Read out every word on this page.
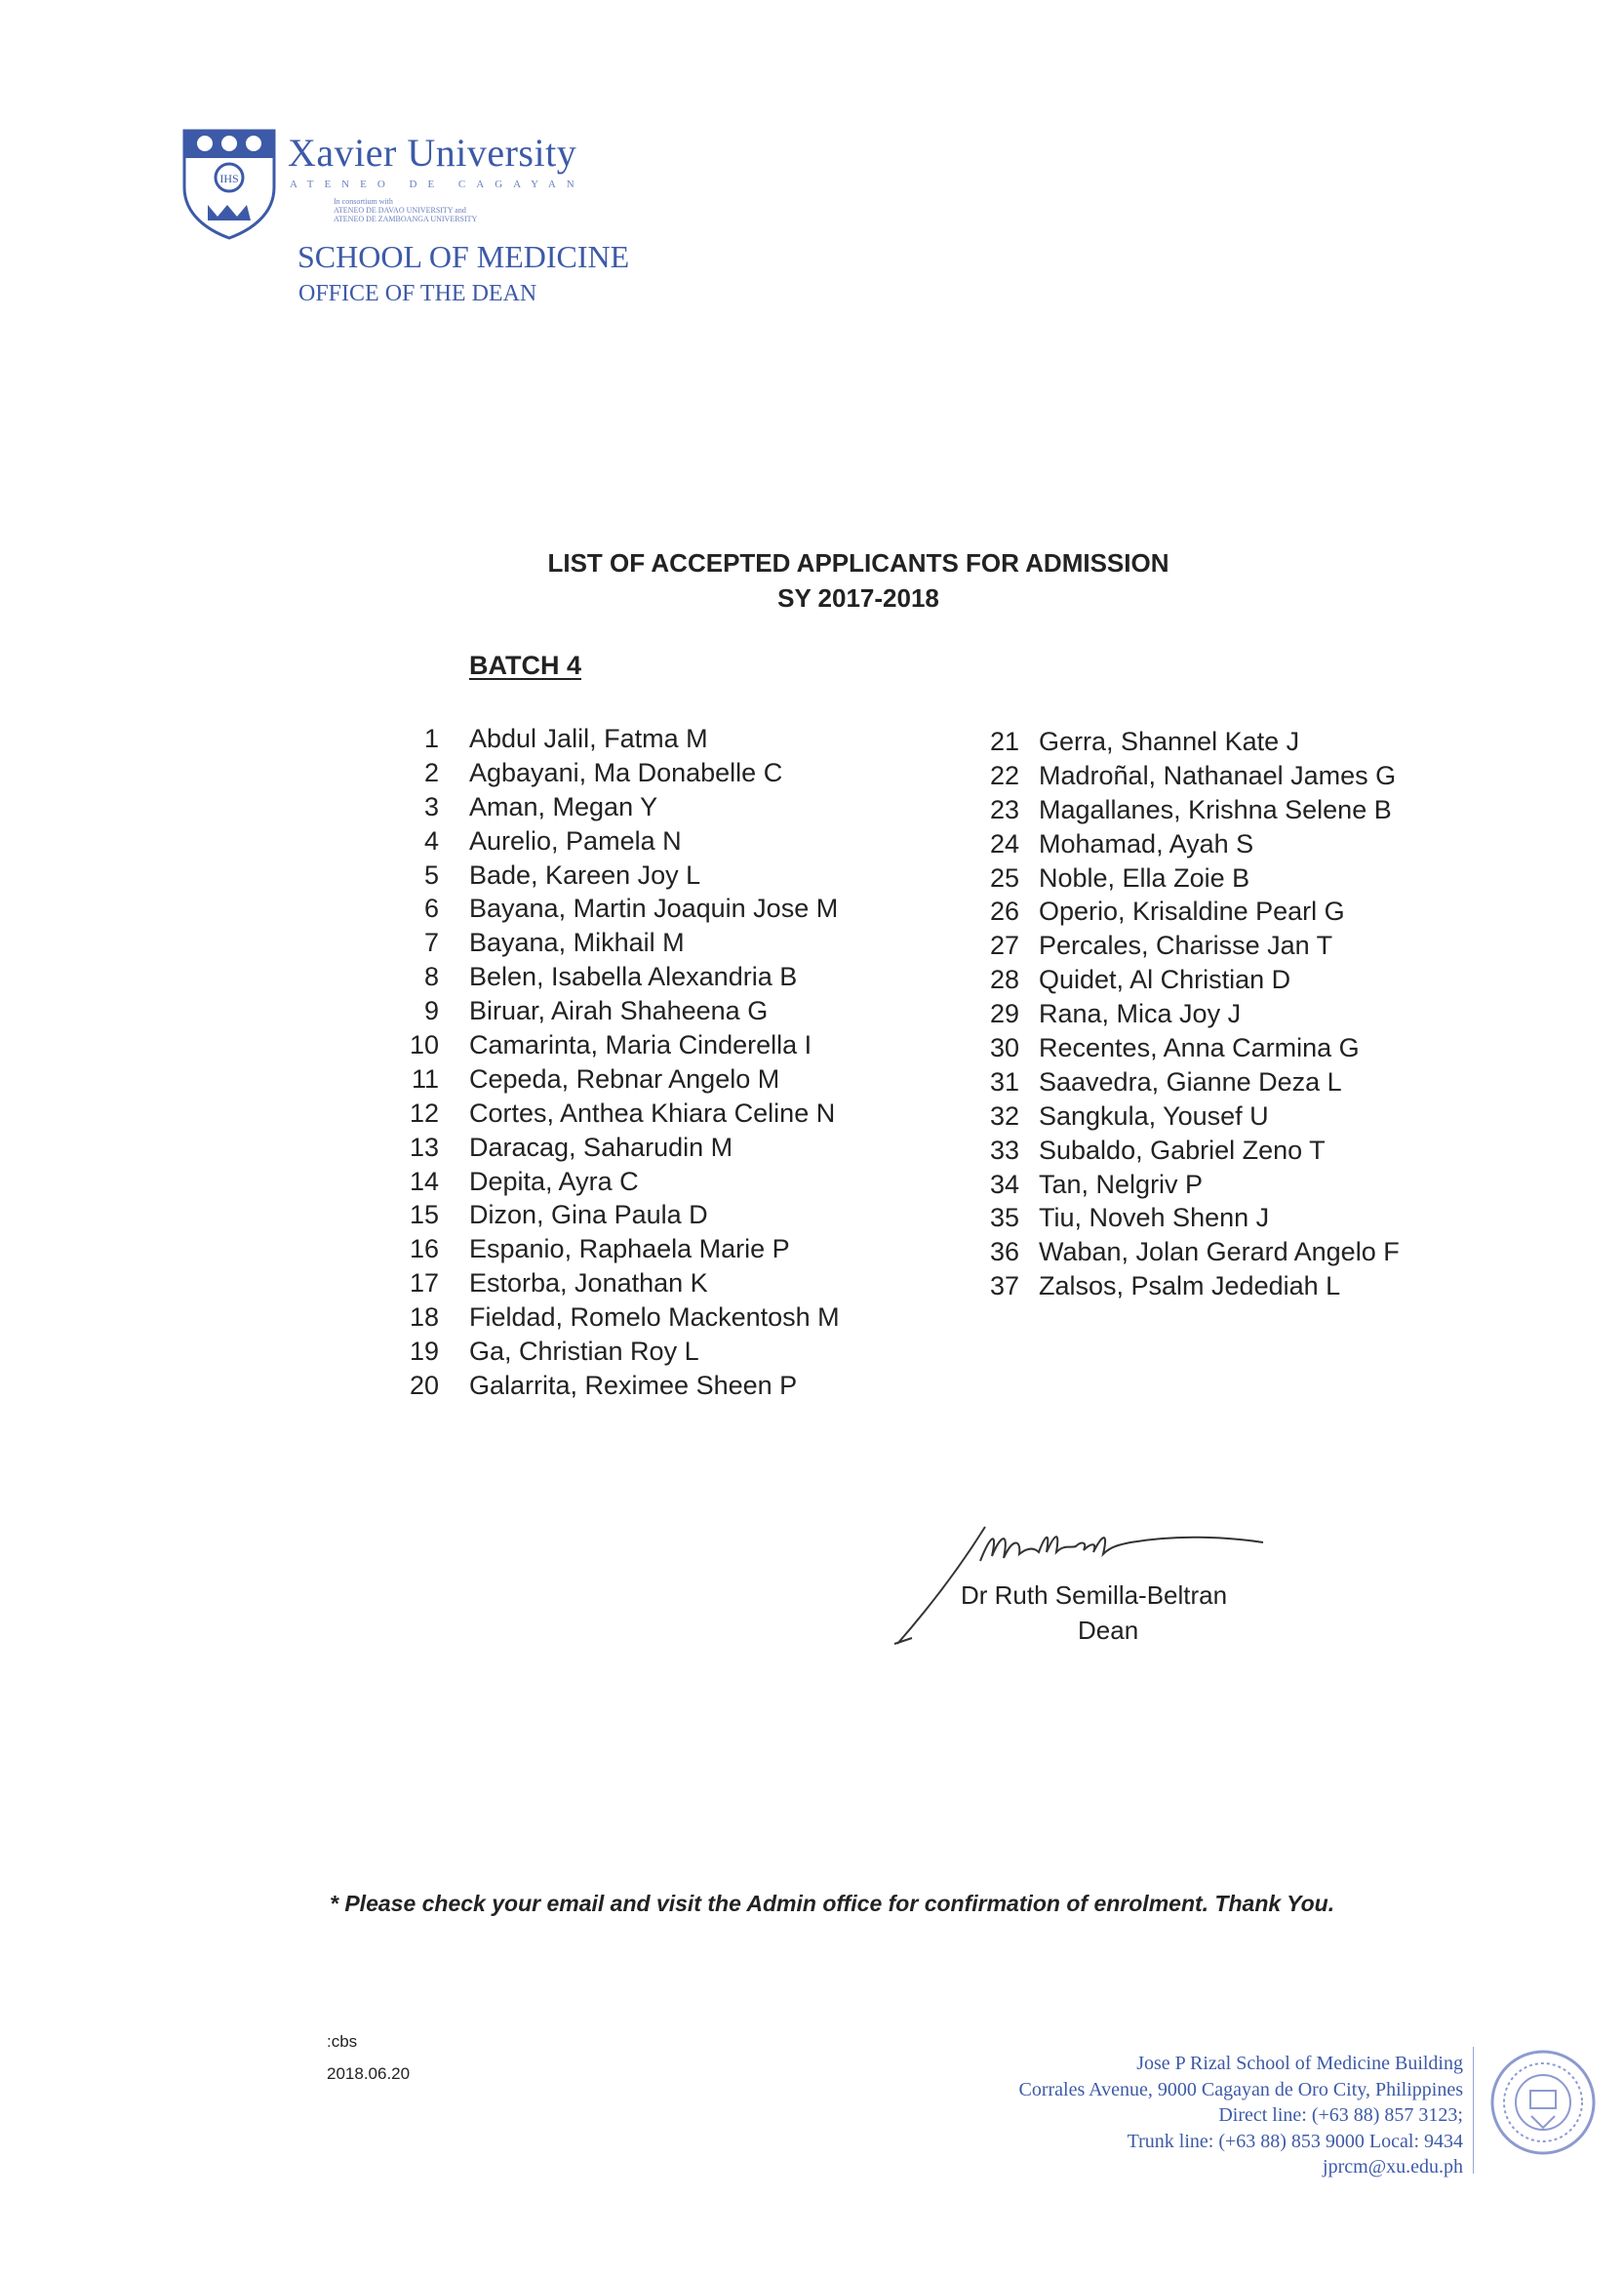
IHS
Xavier University
ATENEO DE CAGAYAN
In consortium with
ATENEO DE DAVAO UNIVERSITY and
ATENEO DE ZAMBOANGA UNIVERSITY
SCHOOL OF MEDICINE
OFFICE OF THE DEAN
LIST OF ACCEPTED APPLICANTS FOR ADMISSION
SY 2017-2018
BATCH 4
1 Abdul Jalil, Fatma M
2 Agbayani, Ma Donabelle C
3 Aman, Megan Y
4 Aurelio, Pamela N
5 Bade, Kareen Joy L
6 Bayana, Martin Joaquin Jose M
7 Bayana, Mikhail M
8 Belen, Isabella Alexandria B
9 Biruar, Airah Shaheena G
10 Camarinta, Maria Cinderella I
11 Cepeda, Rebnar Angelo M
12 Cortes, Anthea Khiara Celine N
13 Daracag, Saharudin M
14 Depita, Ayra C
15 Dizon, Gina Paula D
16 Espanio, Raphaela Marie P
17 Estorba, Jonathan K
18 Fieldad, Romelo Mackentosh M
19 Ga, Christian Roy L
20 Galarrita, Reximee Sheen P
21 Gerra, Shannel Kate J
22 Madroñal, Nathanael James G
23 Magallanes, Krishna Selene B
24 Mohamad, Ayah S
25 Noble, Ella Zoie B
26 Operio, Krisaldine Pearl G
27 Percales, Charisse Jan T
28 Quidet, Al Christian D
29 Rana, Mica Joy J
30 Recentes, Anna Carmina G
31 Saavedra, Gianne Deza L
32 Sangkula, Yousef U
33 Subaldo, Gabriel Zeno T
34 Tan, Nelgriv P
35 Tiu, Noveh Shenn J
36 Waban, Jolan Gerard Angelo F
37 Zalsos, Psalm Jedediah L
Dr Ruth Semilla-Beltran
Dean
* Please check your email and visit the Admin office for confirmation of enrolment. Thank You.
:cbs
2018.06.20	Jose P Rizal School of Medicine Building
Corrales Avenue, 9000 Cagayan de Oro City, Philippines
Direct line: (+63 88) 857 3123;
Trunk line: (+63 88) 853 9000 Local: 9434
jprcm@xu.edu.ph
